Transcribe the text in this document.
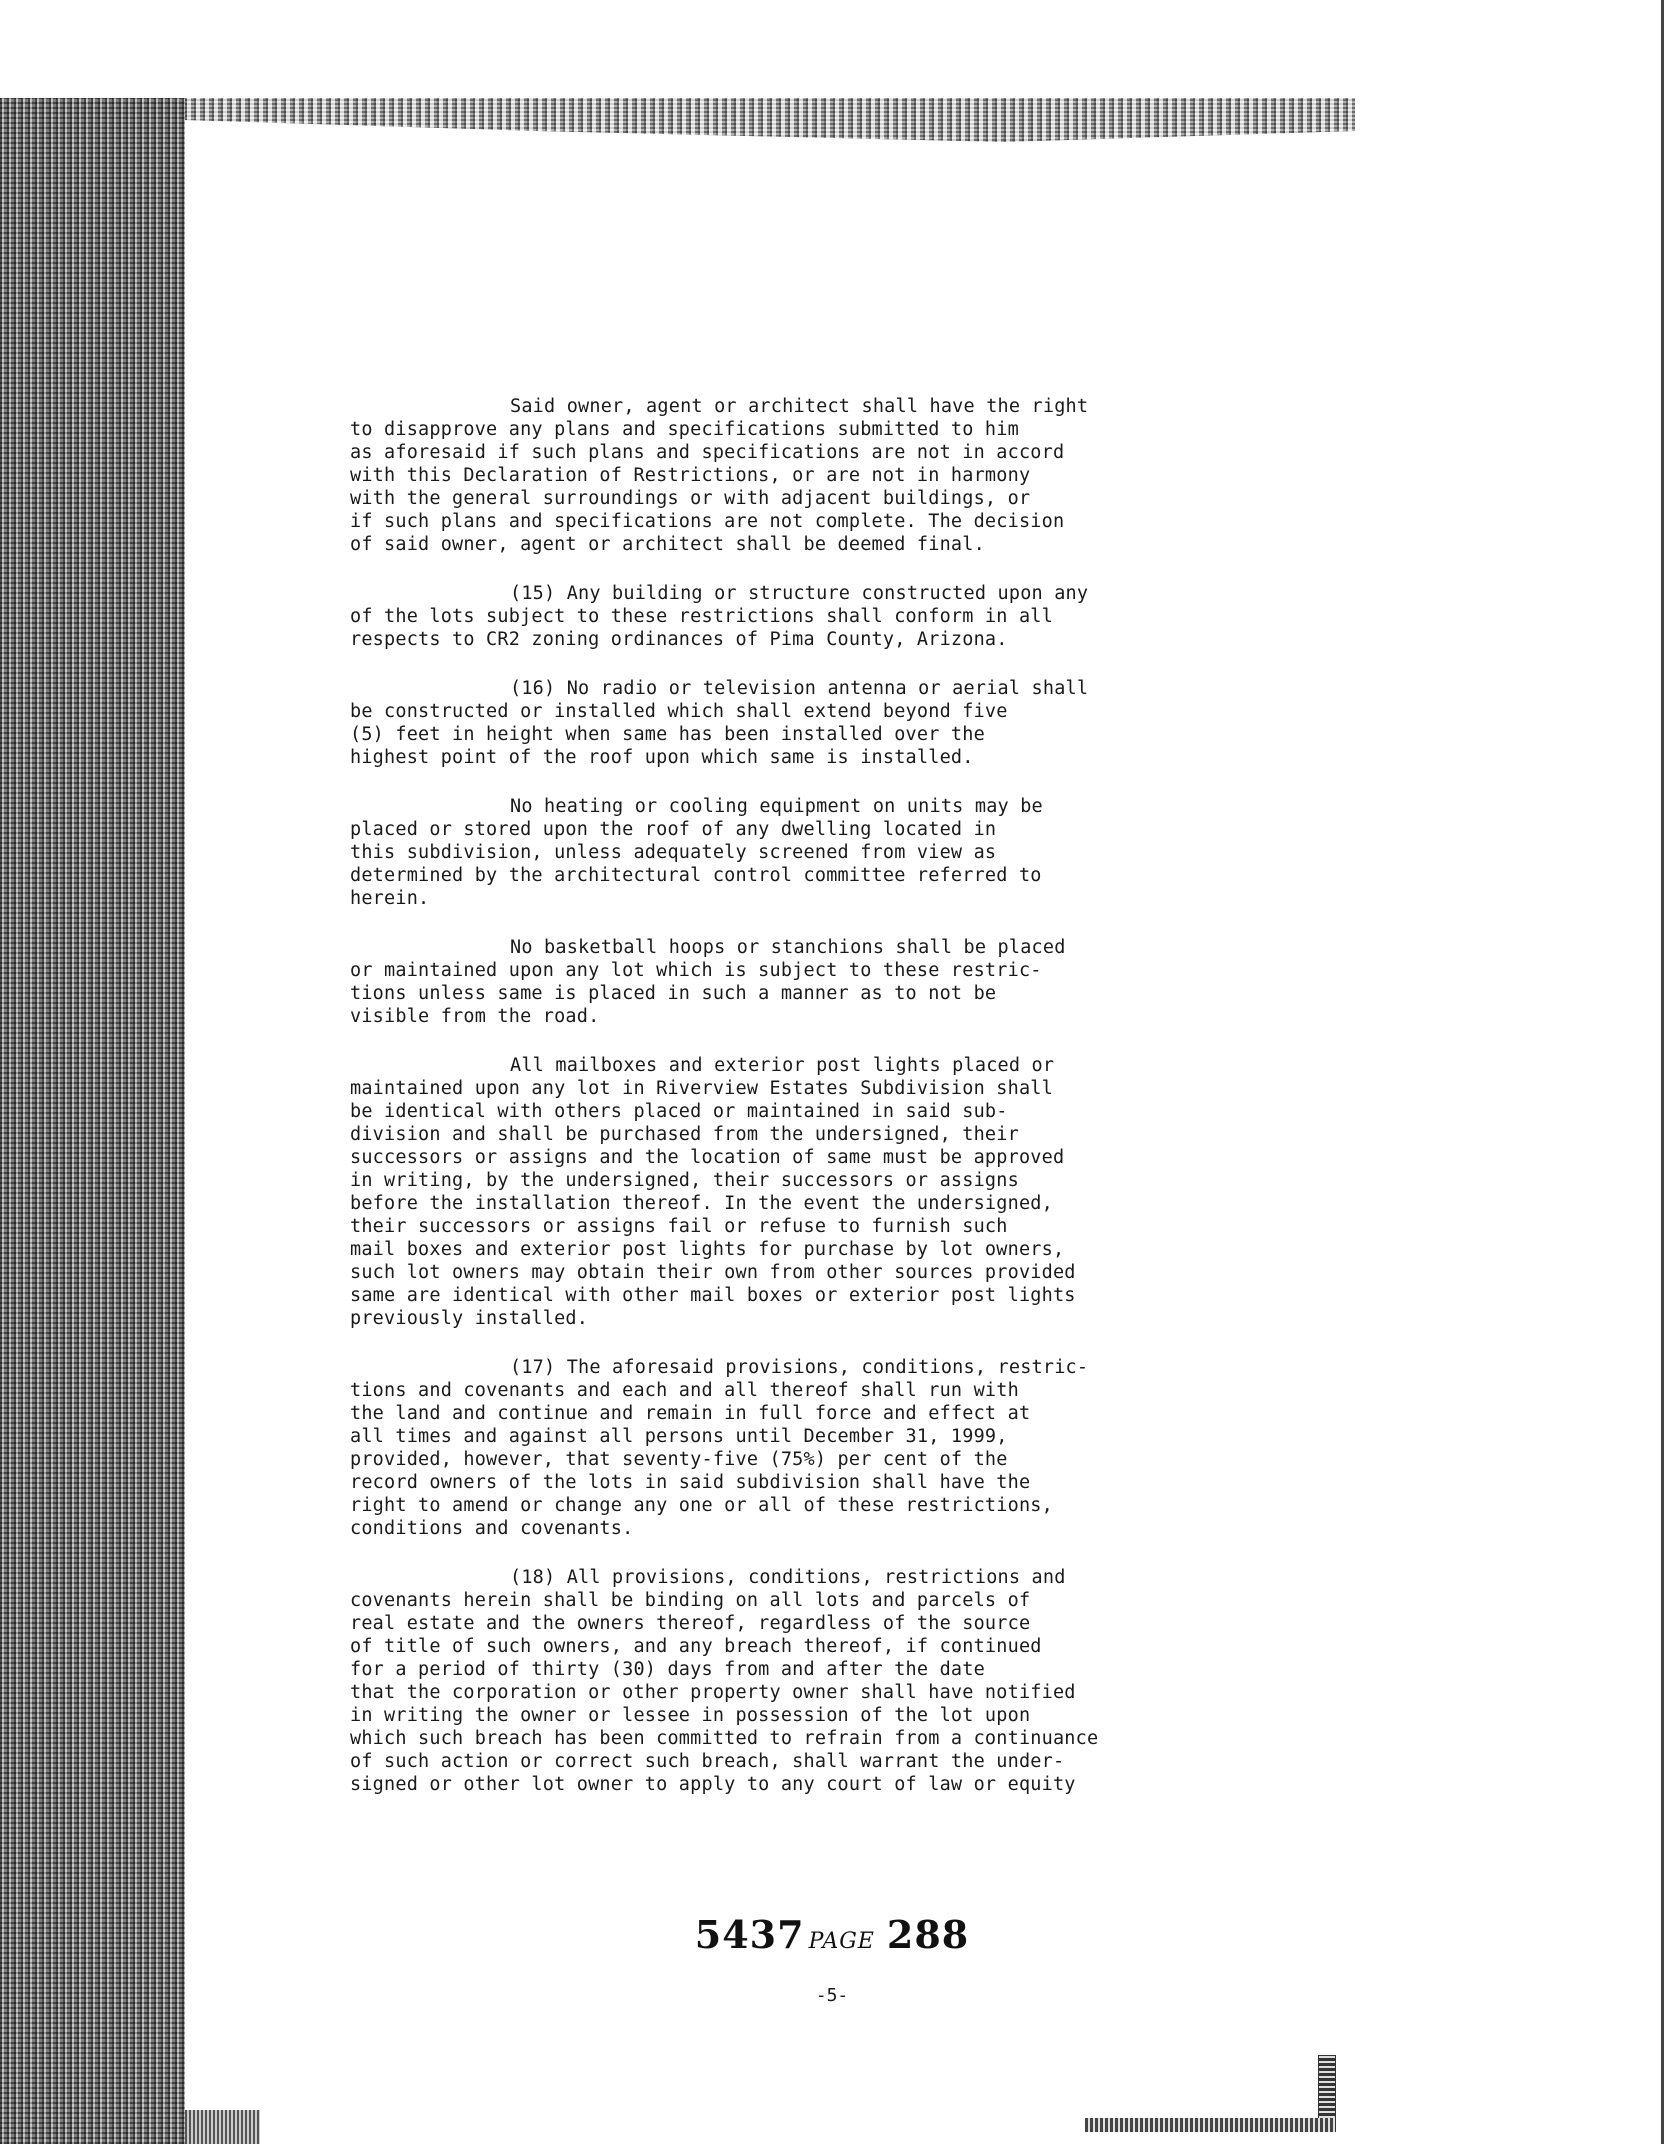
Said owner, agent or architect shall have the right
to disapprove any plans and specifications submitted to him
as aforesaid if such plans and specifications are not in accord
with this Declaration of Restrictions, or are not in harmony
with the general surroundings or with adjacent buildings, or
if such plans and specifications are not complete. The decision
of said owner, agent or architect shall be deemed final.
(15) Any building or structure constructed upon any
of the lots subject to these restrictions shall conform in all
respects to CR2 zoning ordinances of Pima County, Arizona.
(16) No radio or television antenna or aerial shall
be constructed or installed which shall extend beyond five
(5) feet in height when same has been installed over the
highest point of the roof upon which same is installed.
No heating or cooling equipment on units may be
placed or stored upon the roof of any dwelling located in
this subdivision, unless adequately screened from view as
determined by the architectural control committee referred to
herein.
No basketball hoops or stanchions shall be placed
or maintained upon any lot which is subject to these restric-
tions unless same is placed in such a manner as to not be
visible from the road.
All mailboxes and exterior post lights placed or
maintained upon any lot in Riverview Estates Subdivision shall
be identical with others placed or maintained in said sub-
division and shall be purchased from the undersigned, their
successors or assigns and the location of same must be approved
in writing, by the undersigned, their successors or assigns
before the installation thereof. In the event the undersigned,
their successors or assigns fail or refuse to furnish such
mail boxes and exterior post lights for purchase by lot owners,
such lot owners may obtain their own from other sources provided
same are identical with other mail boxes or exterior post lights
previously installed.
(17) The aforesaid provisions, conditions, restric-
tions and covenants and each and all thereof shall run with
the land and continue and remain in full force and effect at
all times and against all persons until December 31, 1999,
provided, however, that seventy-five (75%) per cent of the
record owners of the lots in said subdivision shall have the
right to amend or change any one or all of these restrictions,
conditions and covenants.
(18) All provisions, conditions, restrictions and
covenants herein shall be binding on all lots and parcels of
real estate and the owners thereof, regardless of the source
of title of such owners, and any breach thereof, if continued
for a period of thirty (30) days from and after the date
that the corporation or other property owner shall have notified
in writing the owner or lessee in possession of the lot upon
which such breach has been committed to refrain from a continuance
of such action or correct such breach, shall warrant the under-
signed or other lot owner to apply to any court of law or equity
5437 PAGE 288
-5-
